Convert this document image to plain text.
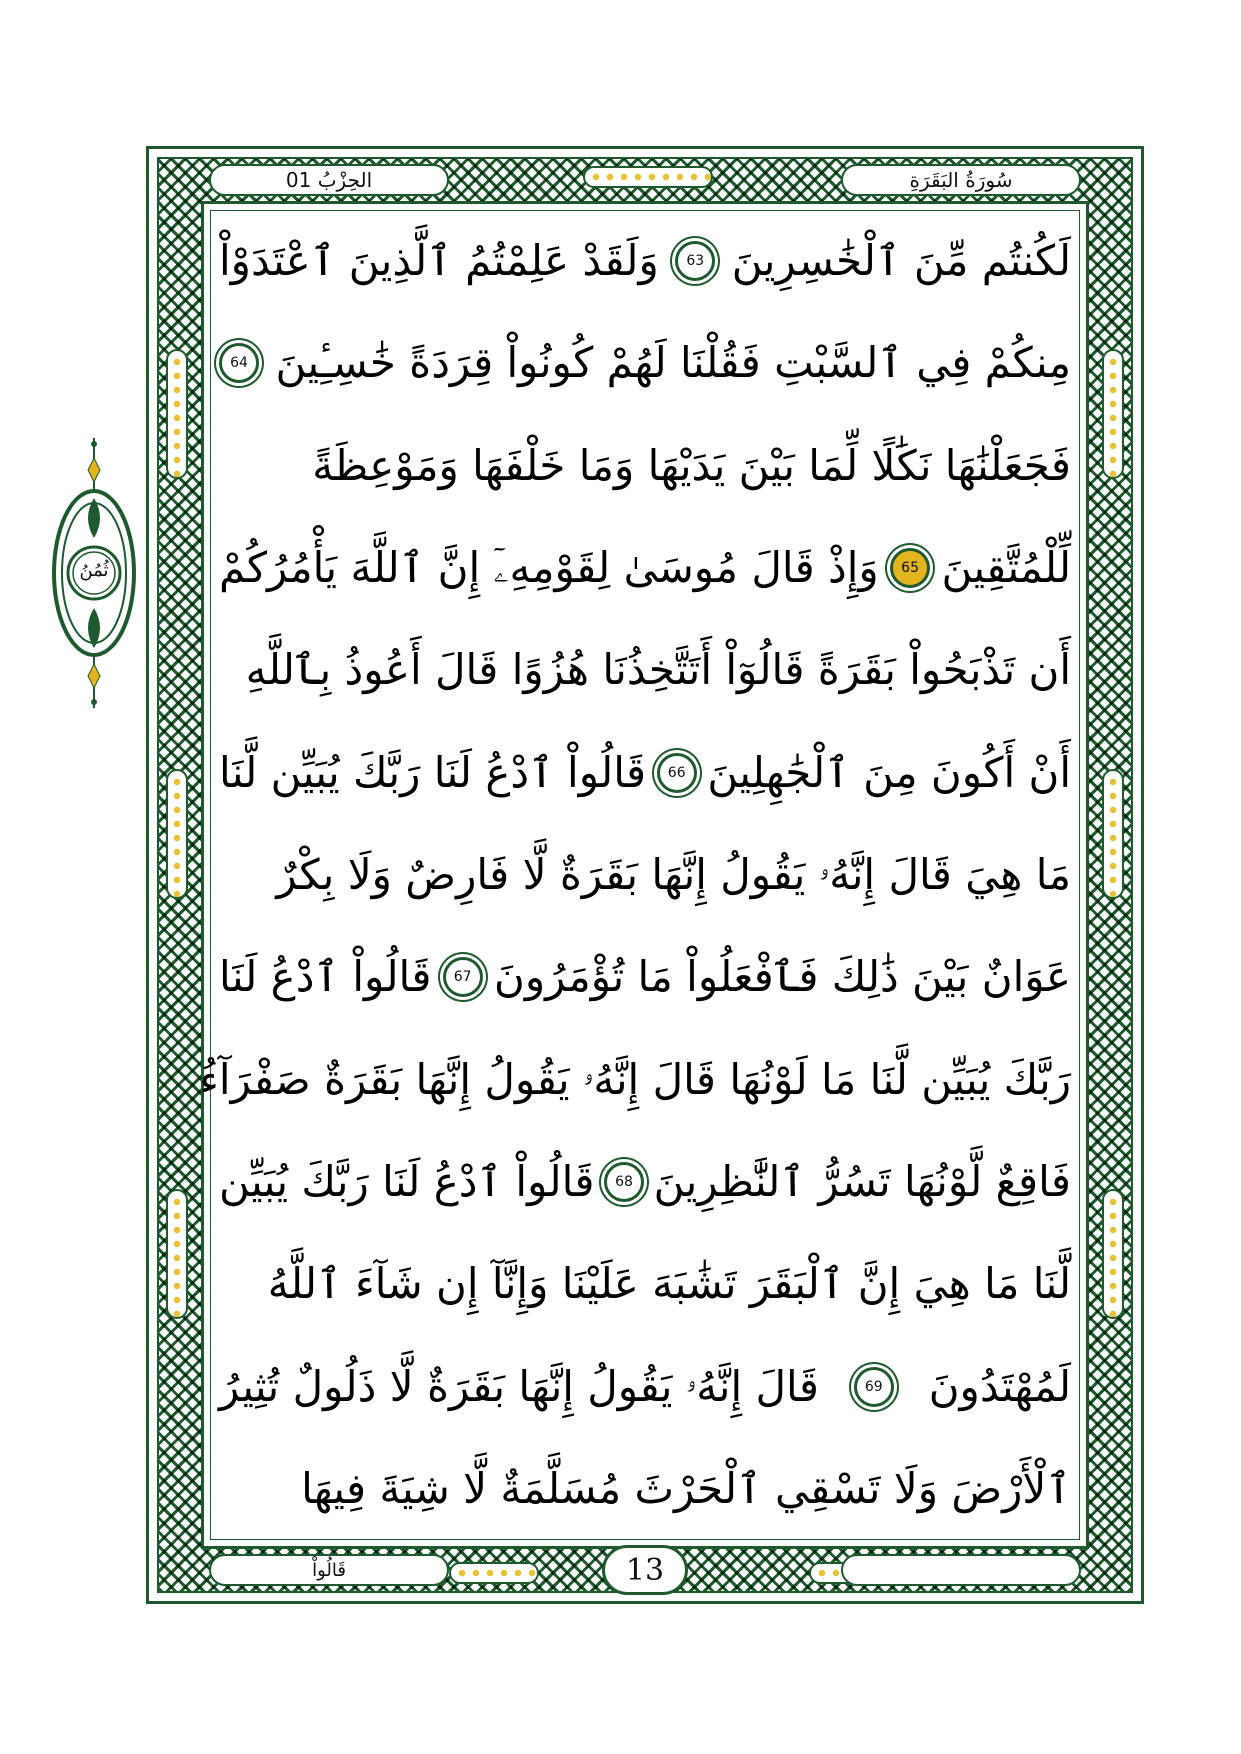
ثُمُنُ
الحِزْبُ 01	سُورَةُ البَقَرَةِ
لَكُنتُم مِّنَ ٱلْخَٰسِرِينَ
63
وَلَقَدْ عَلِمْتُمُ ٱلَّذِينَ ٱعْتَدَوْاْ
مِنكُمْ فِي ٱلسَّبْتِ فَقُلْنَا لَهُمْ كُونُواْ قِرَدَةً خَٰسِـِٔينَ
64
فَجَعَلْنَٰهَا نَكَٰلًا لِّمَا بَيْنَ يَدَيْهَا وَمَا خَلْفَهَا وَمَوْعِظَةً
لِّلْمُتَّقِينَ
65
وَإِذْ قَالَ مُوسَىٰ لِقَوْمِهِۦٓ إِنَّ ٱللَّهَ يَأْمُرُكُمْ
أَن تَذْبَحُواْ بَقَرَةً قَالُوٓاْ أَتَتَّخِذُنَا هُزُوًا قَالَ أَعُوذُ بِٱللَّهِ
أَنْ أَكُونَ مِنَ ٱلْجَٰهِلِينَ
66
قَالُواْ ٱدْعُ لَنَا رَبَّكَ يُبَيِّن لَّنَا
مَا هِيَ قَالَ إِنَّهُۥ يَقُولُ إِنَّهَا بَقَرَةٌ لَّا فَارِضٌ وَلَا بِكْرٌ
عَوَانٌ بَيْنَ ذَٰلِكَ فَٱفْعَلُواْ مَا تُؤْمَرُونَ
67
قَالُواْ ٱدْعُ لَنَا
رَبَّكَ يُبَيِّن لَّنَا مَا لَوْنُهَا قَالَ إِنَّهُۥ يَقُولُ إِنَّهَا بَقَرَةٌ صَفْرَآءُ
فَاقِعٌ لَّوْنُهَا تَسُرُّ ٱلنَّٰظِرِينَ
68
قَالُواْ ٱدْعُ لَنَا رَبَّكَ يُبَيِّن
لَّنَا مَا هِيَ إِنَّ ٱلْبَقَرَ تَشَٰبَهَ عَلَيْنَا وَإِنَّآ إِن شَآءَ ٱللَّهُ
لَمُهْتَدُونَ
69
قَالَ إِنَّهُۥ يَقُولُ إِنَّهَا بَقَرَةٌ لَّا ذَلُولٌ تُثِيرُ
ٱلْأَرْضَ وَلَا تَسْقِي ٱلْحَرْثَ مُسَلَّمَةٌ لَّا شِيَةَ فِيهَا
قَالُواْ	13
